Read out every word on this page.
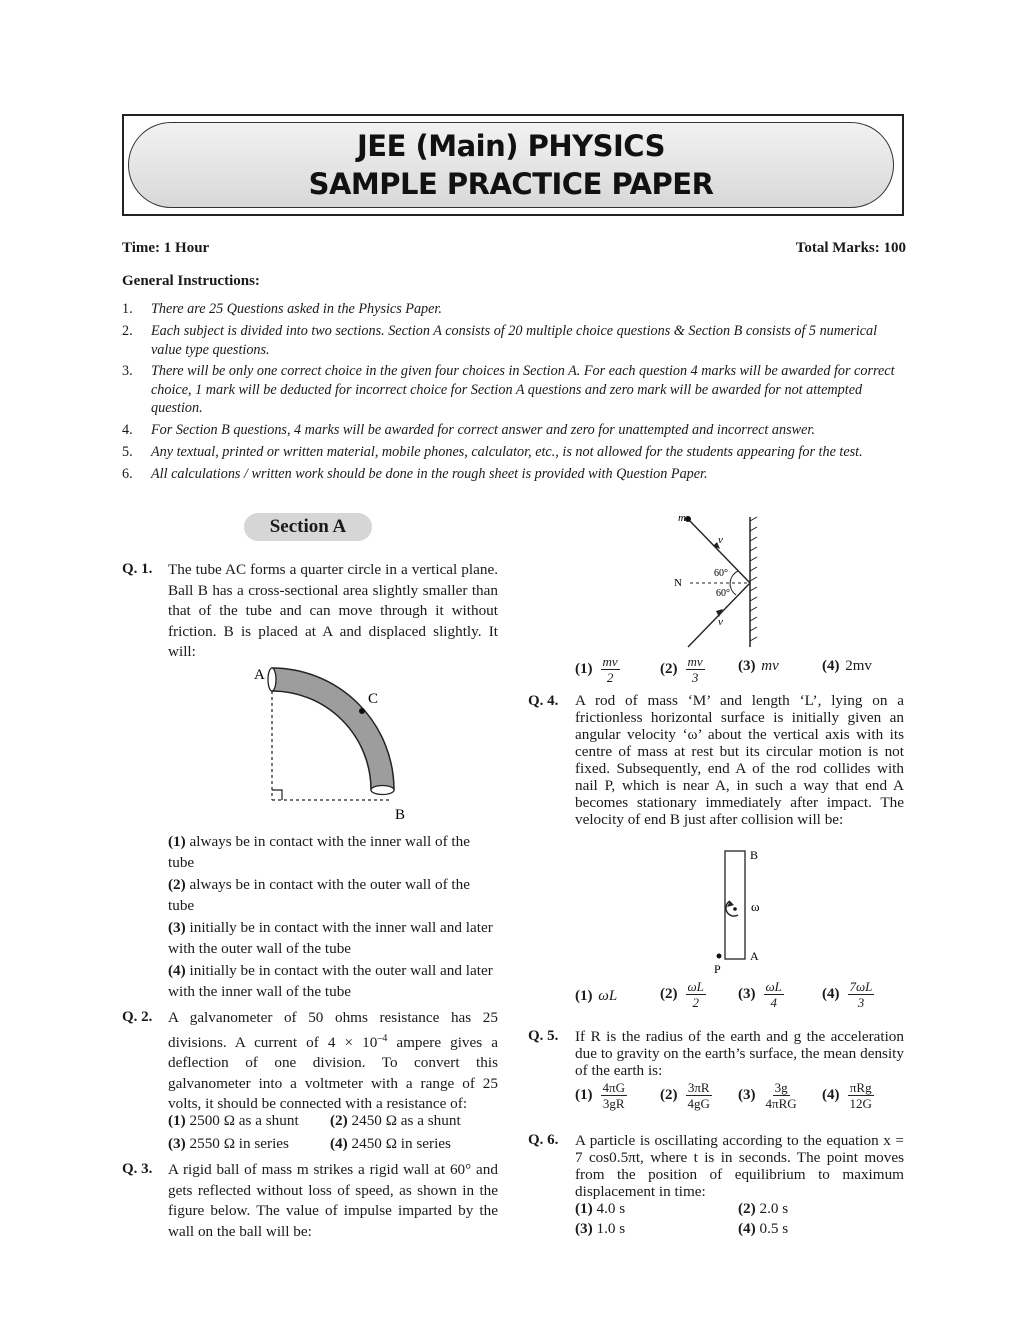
JEE (Main) PHYSICS
SAMPLE PRACTICE PAPER
Time: 1 Hour	Total Marks: 100
General Instructions:
1. There are 25 Questions asked in the Physics Paper.
2. Each subject is divided into two sections. Section A consists of 20 multiple choice questions & Section B consists of 5 numerical value type questions.
3. There will be only one correct choice in the given four choices in Section A. For each question 4 marks will be awarded for correct choice, 1 mark will be deducted for incorrect choice for Section A questions and zero mark will be awarded for not attempted question.
4. For Section B questions, 4 marks will be awarded for correct answer and zero for unattempted and incorrect answer.
5. Any textual, printed or written material, mobile phones, calculator, etc., is not allowed for the students appearing for the test.
6. All calculations / written work should be done in the rough sheet is provided with Question Paper.
Section A
Q. 1. The tube AC forms a quarter circle in a vertical plane. Ball B has a cross-sectional area slightly smaller than that of the tube and can move through it without friction. B is placed at A and displaced slightly. It will:
A
C
B
(1) always be in contact with the inner wall of the tube
(2) always be in contact with the outer wall of the tube
(3) initially be in contact with the inner wall and later with the outer wall of the tube
(4) initially be in contact with the outer wall and later with the inner wall of the tube
Q. 2. A galvanometer of 50 ohms resistance has 25 divisions. A current of $4 \times 10^{-4}$ ampere gives a deflection of one division. To convert this galvanometer into a voltmeter with a range of 25 volts, it should be connected with a resistance of:
(1) 2500 Ω as a shunt (2) 2450 Ω as a shunt
(3) 2550 Ω in series	(4) 2450 Ω in series
Q. 3. A rigid ball of mass m strikes a rigid wall at 60° and gets reflected without loss of speed, as shown in the figure below. The value of impulse imparted by the wall on the ball will be:
m
v
v
N
60°
60°
$(1) \frac{mv}{2}$	$(2) \frac{mv}{3} (3)$
mv	(4)
2mv
Q. 4. A rod of mass ‘M’ and length ‘L’, lying on a frictionless horizontal surface is initially given an angular velocity ‘ω’ about the vertical axis with its centre of mass at rest but its circular motion is not fixed. Subsequently, end A of the rod collides with nail P, which is near A, in such a way that end A becomes stationary immediately after impact. The velocity of end B just after collision will be:
B
A
P
ω
(1)
ωL	$(2) \frac{\omega L}{2} (3) \frac{\omega L}{4}$	$(4) \frac{7\omega L}{3}$
Q. 5. If R is the radius of the earth and g the acceleration due to gravity on the earth’s surface, the mean density of the earth is:
$(1) \frac{4\pi G}{3gR} (2) \frac{3\pi R}{4gG} (3) \frac{3g}{\text{4πRG}} (4) \frac{\text{πRg}}{12G}$
Q. 6. A particle is oscillating according to the equation x = 7 cos0.5πt, where t is in seconds. The point moves from the position of equilibrium to maximum displacement in time:
(1) 4.0 s	(2) 2.0 s
(3) 1.0 s	(4) 0.5 s
